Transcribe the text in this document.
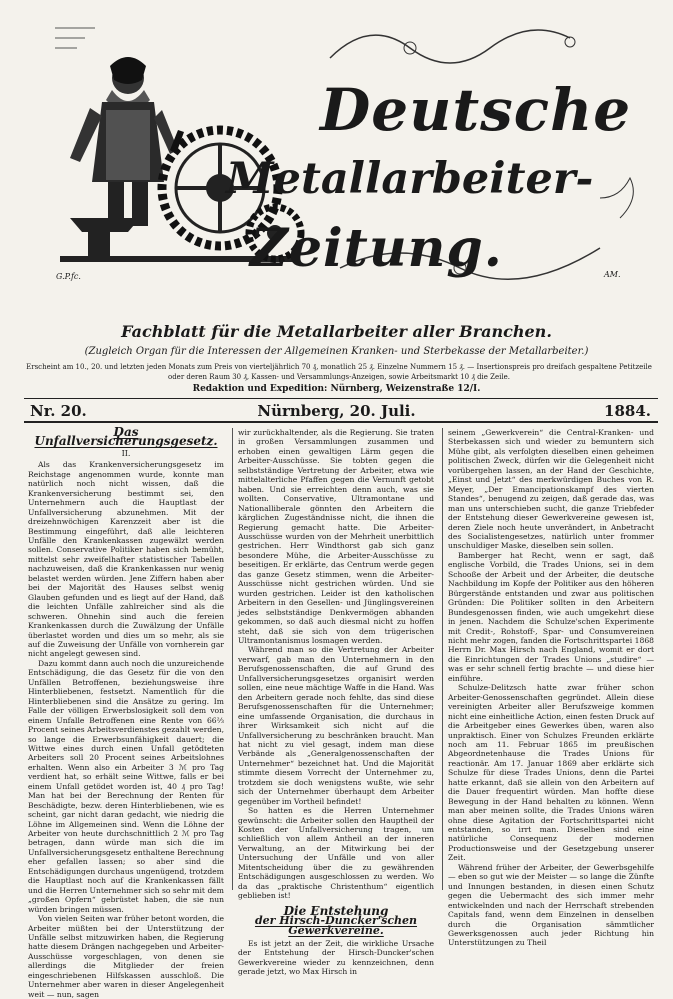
Deutsche
Metallarbeiter-
Zeitung.
G.P.fc.	AM.
Fachblatt für die Metallarbeiter aller Branchen.
(Zugleich Organ für die Interessen der Allgemeinen Kranken- und Sterbekasse der Metallarbeiter.)
Erscheint am 10., 20. und letzten jeden Monats zum Preis von vierteljährlich 70 ₰, monatlich 25 ₰. Einzelne Nummern 15 ₰. — Insertionspreis pro dreifach gespaltene Petitzeile oder deren Raum 30 ₰, Kassen- und Versammlungs-Anzeigen, sowie Arbeitsmarkt 10 ₰ die Zeile.
Redaktion und Expedition: Nürnberg, Weizenstraße 12/I.
Nr. 20.	Nürnberg, 20. Juli.	1884.
Das Unfallversicherungsgesetz.
II.

Als das Krankenversicherungsgesetz im Reichstage angenommen wurde, konnte man natürlich noch nicht wissen, daß die Krankenversicherung bestimmt sei, den Unternehmern auch die Hauptlast der Unfallversicherung abzunehmen. Mit der dreizehnwöchigen Karenzzeit aber ist die Bestimmung eingeführt, daß alle leichteren Unfälle den Krankenkassen zugewälzt werden sollen. Conservative Politiker haben sich bemüht, mittelst sehr zweifelhafter statistischer Tabellen nachzuweisen, daß die Krankenkassen nur wenig belastet werden würden. Jene Ziffern haben aber bei der Majorität des Hauses selbst wenig Glauben gefunden und es liegt auf der Hand, daß die leichten Unfälle zahlreicher sind als die schweren. Ohnehin sind auch die fereien Krankenkassen durch die Zuwälzung der Unfälle überlastet worden und dies um so mehr, als sie auf die Zuweisung der Unfälle von vornherein gar nicht angelegt gewesen sind.

Dazu kommt dann auch noch die unzureichende Entschädigung, die das Gesetz für die von den Unfällen Betroffenen, beziehungsweise ihre Hinterbliebenen, festsetzt. Namentlich für die Hinterbliebenen sind die Ansätze zu gering. Im Falle der völligen Erwerbslosigkeit soll dem von einem Unfalle Betroffenen eine Rente von 66⅔ Procent seines Arbeitsverdienstes gezahlt werden, so lange die Erwerbsunfähigkeit dauert; die Wittwe eines durch einen Unfall getödteten Arbeiters soll 20 Procent seines Arbeitslohnes erhalten. Wenn also ein Arbeiter 3 ℳ pro Tag verdient hat, so erhält seine Wittwe, falls er bei einem Unfall getödet worden ist, 40 ₰ pro Tag! Man hat bei der Berechnung der Renten für Beschädigte, bezw. deren Hinterbliebenen, wie es scheint, gar nicht daran gedacht, wie niedrig die Löhne im Allgemeinen sind. Wenn die Löhne der Arbeiter von heute durchschnittlich 2 ℳ pro Tag betragen, dann würde man sich die im Unfallversicherungsgesetz enthaltene Berechnung eher gefallen lassen; so aber sind die Entschädigungen durchaus ungenügend, trotzdem die Hauptlast noch auf die Krankenkassen fällt und die Herren Unternehmer sich so sehr mit dem „großen Opfern“ gebrüstet haben, die sie nun würden bringen müssen.

Von vielen Seiten war früher betont worden, die Arbeiter müßten bei der Unterstützung der Unfälle selbst mitzuwirken haben, die Regierung hatte diesem Drängen nachgegeben und Arbeiter-Ausschüsse vorgeschlagen, von denen sie allerdings die Mitglieder der freien eingeschriebenen Hilfskassen ausschloß. Die Unternehmer aber waren in dieser Angelegenheit weit — nun, sagen

wir zurückhaltender, als die Regierung. Sie traten in großen Versammlungen zusammen und erhoben einen gewaltigen Lärm gegen die Arbeiter-Ausschüsse. Sie tobten gegen die selbstständige Vertretung der Arbeiter, etwa wie mittelalterliche Pfaffen gegen die Vernunft getobt haben. Und sie erreichten denn auch, was sie wollten. Conservative, Ultramontane und Nationalliberale gönnten den Arbeitern die kärglichen Zugeständnisse nicht, die ihnen die Regierung gemacht hatte. Die Arbeiter-Ausschüsse wurden von der Mehrheit unerbittlich gestrichen. Herr Windthorst gab sich ganz besondere Mühe, die Arbeiter-Ausschüsse zu beseitigen. Er erklärte, das Centrum werde gegen das ganze Gesetz stimmen, wenn die Arbeiter-Ausschüsse nicht gestrichen würden. Und sie wurden gestrichen. Leider ist den katholischen Arbeitern in den Gesellen- und Jünglingsvereinen jedes selbstständige Denkvermögen abhanden gekommen, so daß auch diesmal nicht zu hoffen steht, daß sie sich von dem trügerischen Ultramontanismus losmagen werden.

Während man so die Vertretung der Arbeiter verwarf, gab man den Unternehmern in den Berufsgenossenschaften, die auf Grund des Unfallversicherungsgesetzes organisirt werden sollen, eine neue mächtige Waffe in die Hand. Was den Arbeitern gerade noch fehlte, das sind diese Berufsgenossenschaften für die Unternehmer; eine umfassende Organisation, die durchaus in ihrer Wirksamkeit sich nicht auf die Unfallversicherung zu beschränken braucht. Man hat nicht zu viel gesagt, indem man diese Verbände als „Generalgenossenschaften der Unternehmer“ bezeichnet hat. Und die Majorität stimmte diesem Vorrecht der Unternehmer zu, trotzdem sie doch wenigstens wußte, wie sehr sich der Unternehmer überhaupt dem Arbeiter gegenüber im Vortheil befindet!

So hatten es die Herren Unternehmer gewünscht: die Arbeiter sollen den Hauptheil der Kosten der Unfallversicherung tragen, um schließlich von allem Antheil an der inneren Verwaltung, an der Mitwirkung bei der Untersuchung der Unfälle und von aller Mitentscheidung über die zu gewährenden Entschädigungen ausgeschlossen zu werden. Wo da das „praktische Christenthum“ eigentlich geblieben ist!

Die Entstehung
der Hirsch-Duncker'schen Gewerkvereine.

Es ist jetzt an der Zeit, die wirkliche Ursache der Entstehung der Hirsch-Duncker'schen Gewerkvereine wieder zu kennzeichnen, denn gerade jetzt, wo Max Hirsch in

seinem „Gewerkverein“ die Central-Kranken- und Sterbekassen sich und wieder zu bemuntern sich Mühe gibt, als verfolgten dieselben einen geheimen politischen Zweck, dürfen wir die Gelegenheit nicht vorübergehen lassen, an der Hand der Geschichte, „Einst und Jetzt“ des merkwürdigen Buches von R. Meyer, „Der Emancipationskampf des vierten Standes“, benugend zu zeigen, daß gerade das, was man uns unterschieben sucht, die ganze Triebfeder der Entstehung dieser Gewerkvereine gewesen ist, deren Ziele noch heute unverändert, in Anbetracht des Socialistengesetzes, natürlich unter frommer unschuldiger Maske, dieselben sein sollen.

Bamberger hat Recht, wenn er sagt, daß englische Vorbild, die Trades Unions, sei in dem Schooße der Arbeit und der Arbeiter, die deutsche Nachbildung im Kopfe der Politiker aus den höheren Bürgerstände entstanden und zwar aus politischen Gründen: Die Politiker sollten in den Arbeitern Bundesgenossen finden, wie auch umgekehrt diese in jenen. Nachdem die Schulze'schen Experimente mit Credit-, Rohstoff-, Spar- und Consumvereinen nicht mehr zogen, fanden die Fortschrittspartei 1868 Herrn Dr. Max Hirsch nach England, womit er dort die Einrichtungen der Trades Unions „studire“ — was er sehr schnell fertig brachte — und diese hier einführe.

Schulze-Delitzsch hatte zwar früher schon Arbeiter-Genossenschaften gegründet. Allein diese vereinigten Arbeiter aller Berufszweige kommen nicht eine einheitliche Action, einen festen Druck auf die Arbeitgeber eines Gewerkes üben, waren also unpraktisch. Einer von Schulzes Freunden erklärte noch am 11. Februar 1865 im preußischen Abgeordnetenhause die Trades Unions für reactionär. Am 17. Januar 1869 aber erklärte sich Schulze für diese Trades Unions, denn die Partei hatte erkannt, daß sie allein von den Arbeitern auf die Dauer frequentirt würden. Man hoffte diese Bewegung in der Hand behalten zu können. Wenn man aber meinen sollte, die Trades Unions wären ohne diese Agitation der Fortschrittspartei nicht entstanden, so irrt man. Dieselben sind eine natürliche Consequenz der modernen Productionsweise und der Gesetzgebung unserer Zeit.

Während früher der Arbeiter, der Gewerbsgehilfe — eben so gut wie der Meister — so lange die Zünfte und Innungen bestanden, in diesen einen Schutz gegen die Uebermacht des sich immer mehr entwickelnden und nach der Herrschaft strebenden Capitals fand, wenn dem Einzelnen in denselben durch die Organisation sämmtlicher Gewerksgenossen auch jeder Richtung hin Unterstützungen zu Theil
